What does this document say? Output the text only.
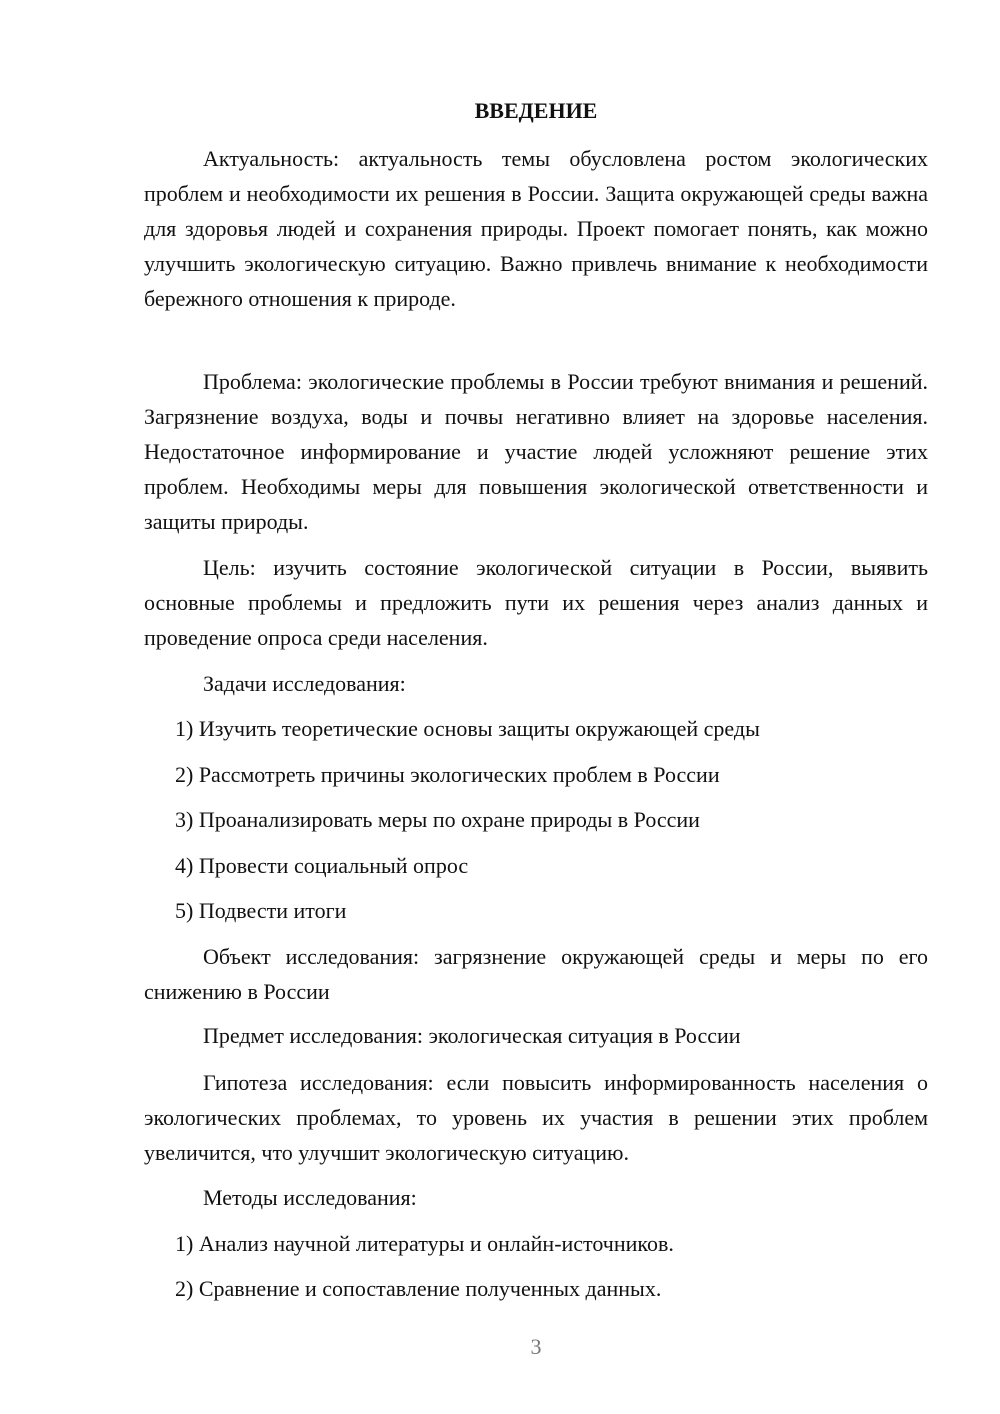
ВВЕДЕНИЕ

Актуальность: актуальность темы обусловлена ростом экологических проблем и необходимости их решения в России. Защита окружающей среды важна для здоровья людей и сохранения природы. Проект помогает понять, как можно улучшить экологическую ситуацию. Важно привлечь внимание к необходимости бережного отношения к природе.

Проблема: экологические проблемы в России требуют внимания и решений. Загрязнение воздуха, воды и почвы негативно влияет на здоровье населения. Недостаточное информирование и участие людей усложняют решение этих проблем. Необходимы меры для повышения экологической ответственности и защиты природы.

Цель: изучить состояние экологической ситуации в России, выявить основные проблемы и предложить пути их решения через анализ данных и проведение опроса среди населения.

Задачи исследования:

1) Изучить теоретические основы защиты окружающей среды

2) Рассмотреть причины экологических проблем в России

3) Проанализировать меры по охране природы в России

4) Провести социальный опрос

5) Подвести итоги

Объект исследования: загрязнение окружающей среды и меры по его снижению в России

Предмет исследования: экологическая ситуация в России

Гипотеза исследования: если повысить информированность населения о экологических проблемах, то уровень их участия в решении этих проблем увеличится, что улучшит экологическую ситуацию.

Методы исследования:

1) Анализ научной литературы и онлайн-источников.

2) Сравнение и сопоставление полученных данных.

3
